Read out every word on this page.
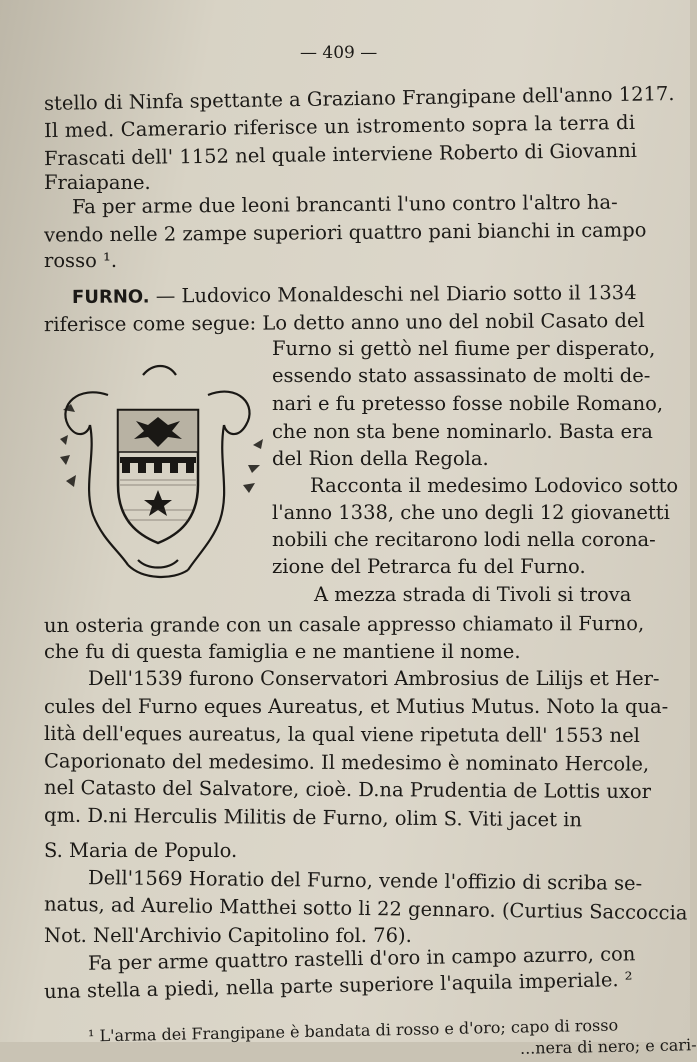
— 409 —
stello di Ninfa spettante a Graziano Frangipane dell'anno 1217.
Il med. Camerario riferisce un istromento sopra la terra di
Frascati dell' 1152 nel quale interviene Roberto di Giovanni
Fraiapane.
Fa per arme due leoni brancanti l'uno contro l'altro ha-
vendo nelle 2 zampe superiori quattro pani bianchi in campo
rosso ¹.
FURNO. — Ludovico Monaldeschi nel Diario sotto il 1334
riferisce come segue: Lo detto anno uno del nobil Casato del
Furno si gettò nel fiume per disperato,
essendo stato assassinato de molti de-
nari e fu pretesso fosse nobile Romano,
che non sta bene nominarlo. Basta era
del Rion della Regola.
Racconta il medesimo Lodovico sotto
l'anno 1338, che uno degli 12 giovanetti
nobili che recitarono lodi nella corona-
zione del Petrarca fu del Furno.
A mezza strada di Tivoli si trova
un osteria grande con un casale appresso chiamato il Furno,
che fu di questa famiglia e ne mantiene il nome.
Dell'1539 furono Conservatori Ambrosius de Lilijs et Her-
cules del Furno eques Aureatus, et Mutius Mutus. Noto la qua-
lità dell'eques aureatus, la qual viene ripetuta dell' 1553 nel
Caporionato del medesimo. Il medesimo è nominato Hercole,
nel Catasto del Salvatore, cioè. D.na Prudentia de Lottis uxor
qm. D.ni Herculis Militis de Furno, olim S. Viti jacet in
S. Maria de Populo.
Dell'1569 Horatio del Furno, vende l'offizio di scriba se-
natus, ad Aurelio Matthei sotto li 22 gennaro. (Curtius Saccoccia
Not. Nell'Archivio Capitolino fol. 76).
Fa per arme quattro rastelli d'oro in campo azurro, con
una stella a piedi, nella parte superiore l'aquila imperiale. ²
¹ L'arma dei Frangipane è bandata di rosso e d'oro; capo di rosso
...nera di nero; e cari-
